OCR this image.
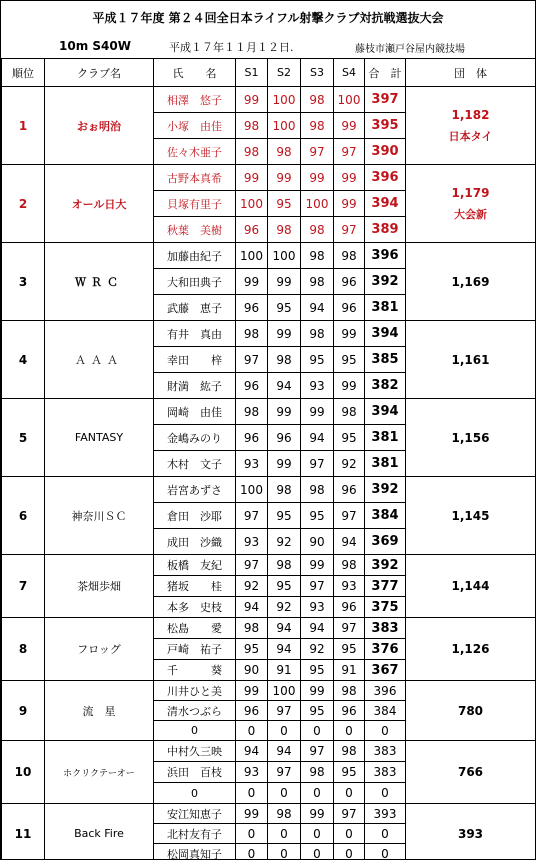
平成１７年度 第２４回全日本ライフル射撃クラブ対抗戦選抜大会
10m S40W	平成１７年１１月１２日.	藤枝市瀬戸谷屋内競技場
順位	クラブ名	氏　　名	S1	S2	S3	S4	合　計	団　体
1	おぉ明治	相澤　悠子	99	100	98	100	397	1,182
日本タイ

		小塚　由佳	98	100	98	99	395	
		佐々木亜子	98	98	97	97	390	
2	オール日大	古野本真希	99	99	99	99	396	1,179
大会新

		貝塚有里子	100	95	100	99	394	
		秋葉　美樹	96	98	98	97	389	
3	ＷＲＣ	加藤由紀子	100	100	98	98	396	1,169

		大和田典子	99	99	98	96	392	
		武藤　恵子	96	95	94	96	381	
4	ＡＡＡ	有井　真由	98	99	98	99	394	1,161

		幸田　　梓	97	98	95	95	385	
		財満　紘子	96	94	93	99	382	
5	FANTASY	岡崎　由佳	98	99	99	98	394	1,156

		金嶋みのり	96	96	94	95	381	
		木村　文子	93	99	97	92	381	
6	神奈川ＳＣ	岩宮あずさ	100	98	98	96	392	1,145

		倉田　沙耶	97	95	95	97	384	
		成田　沙織	93	92	90	94	369	
7	茶畑歩畑	板橋　友紀	97	98	99	98	392	1,144

		猪坂　　桂	92	95	97	93	377	
		本多　史枝	94	92	93	96	375	
8	フロッグ	松島　　愛	98	94	94	97	383	1,126

		戸崎　祐子	95	94	92	95	376	
		千　　　葵	90	91	95	91	367	
9	流　星	川井ひと美	99	100	99	98	396	780

		清水つぶら	96	97	95	96	384	
		0	0	0	0	0	0	
10	ホクリクテーオー	中村久三映	94	94	97	98	383	766

		浜田　百枝	93	97	98	95	383	
		0	0	0	0	0	0	
11	Back Fire	安江知恵子	99	98	99	97	393	393

		北村友有子	0	0	0	0	0	
		松岡真知子	0	0	0	0	0	
